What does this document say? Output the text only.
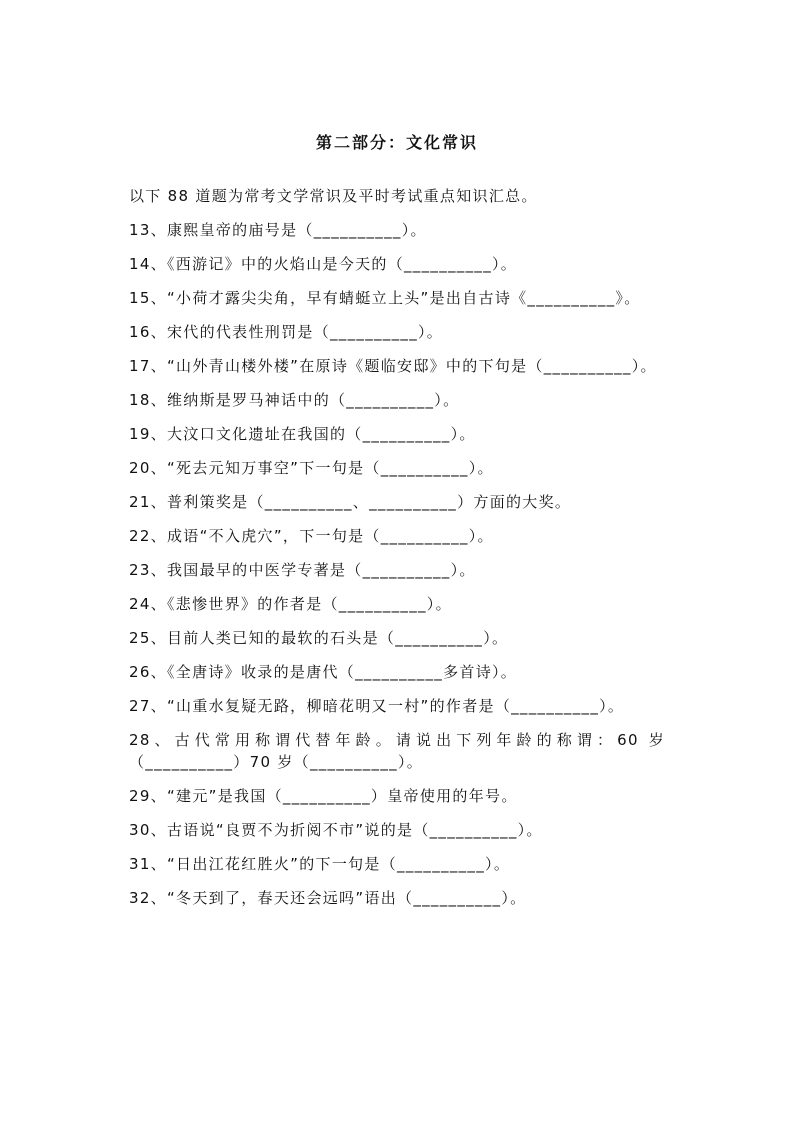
第二部分：文化常识

以下 88 道题为常考文学常识及平时考试重点知识汇总。

13、康熙皇帝的庙号是（__________）。

14、《西游记》中的火焰山是今天的（__________）。

15、“小荷才露尖尖角，早有蜻蜓立上头”是出自古诗《__________》。

16、宋代的代表性刑罚是（__________）。

17、“山外青山楼外楼”在原诗《题临安邸》中的下句是（__________）。

18、维纳斯是罗马神话中的（__________）。

19、大汶口文化遗址在我国的（__________）。

20、“死去元知万事空”下一句是（__________）。

21、普利策奖是（__________、__________）方面的大奖。

22、成语“不入虎穴”，下一句是（__________）。

23、我国最早的中医学专著是（__________）。

24、《悲惨世界》的作者是（__________）。

25、目前人类已知的最软的石头是（__________）。

26、《全唐诗》收录的是唐代（__________多首诗）。

27、“山重水复疑无路，柳暗花明又一村”的作者是（__________）。

28、古代常用称谓代替年龄。请说出下列年龄的称谓：60 岁（__________）70 岁（__________）。

29、“建元”是我国（__________）皇帝使用的年号。

30、古语说“良贾不为折阅不市”说的是（__________）。

31、“日出江花红胜火”的下一句是（__________）。

32、“冬天到了，春天还会远吗”语出（__________）。
